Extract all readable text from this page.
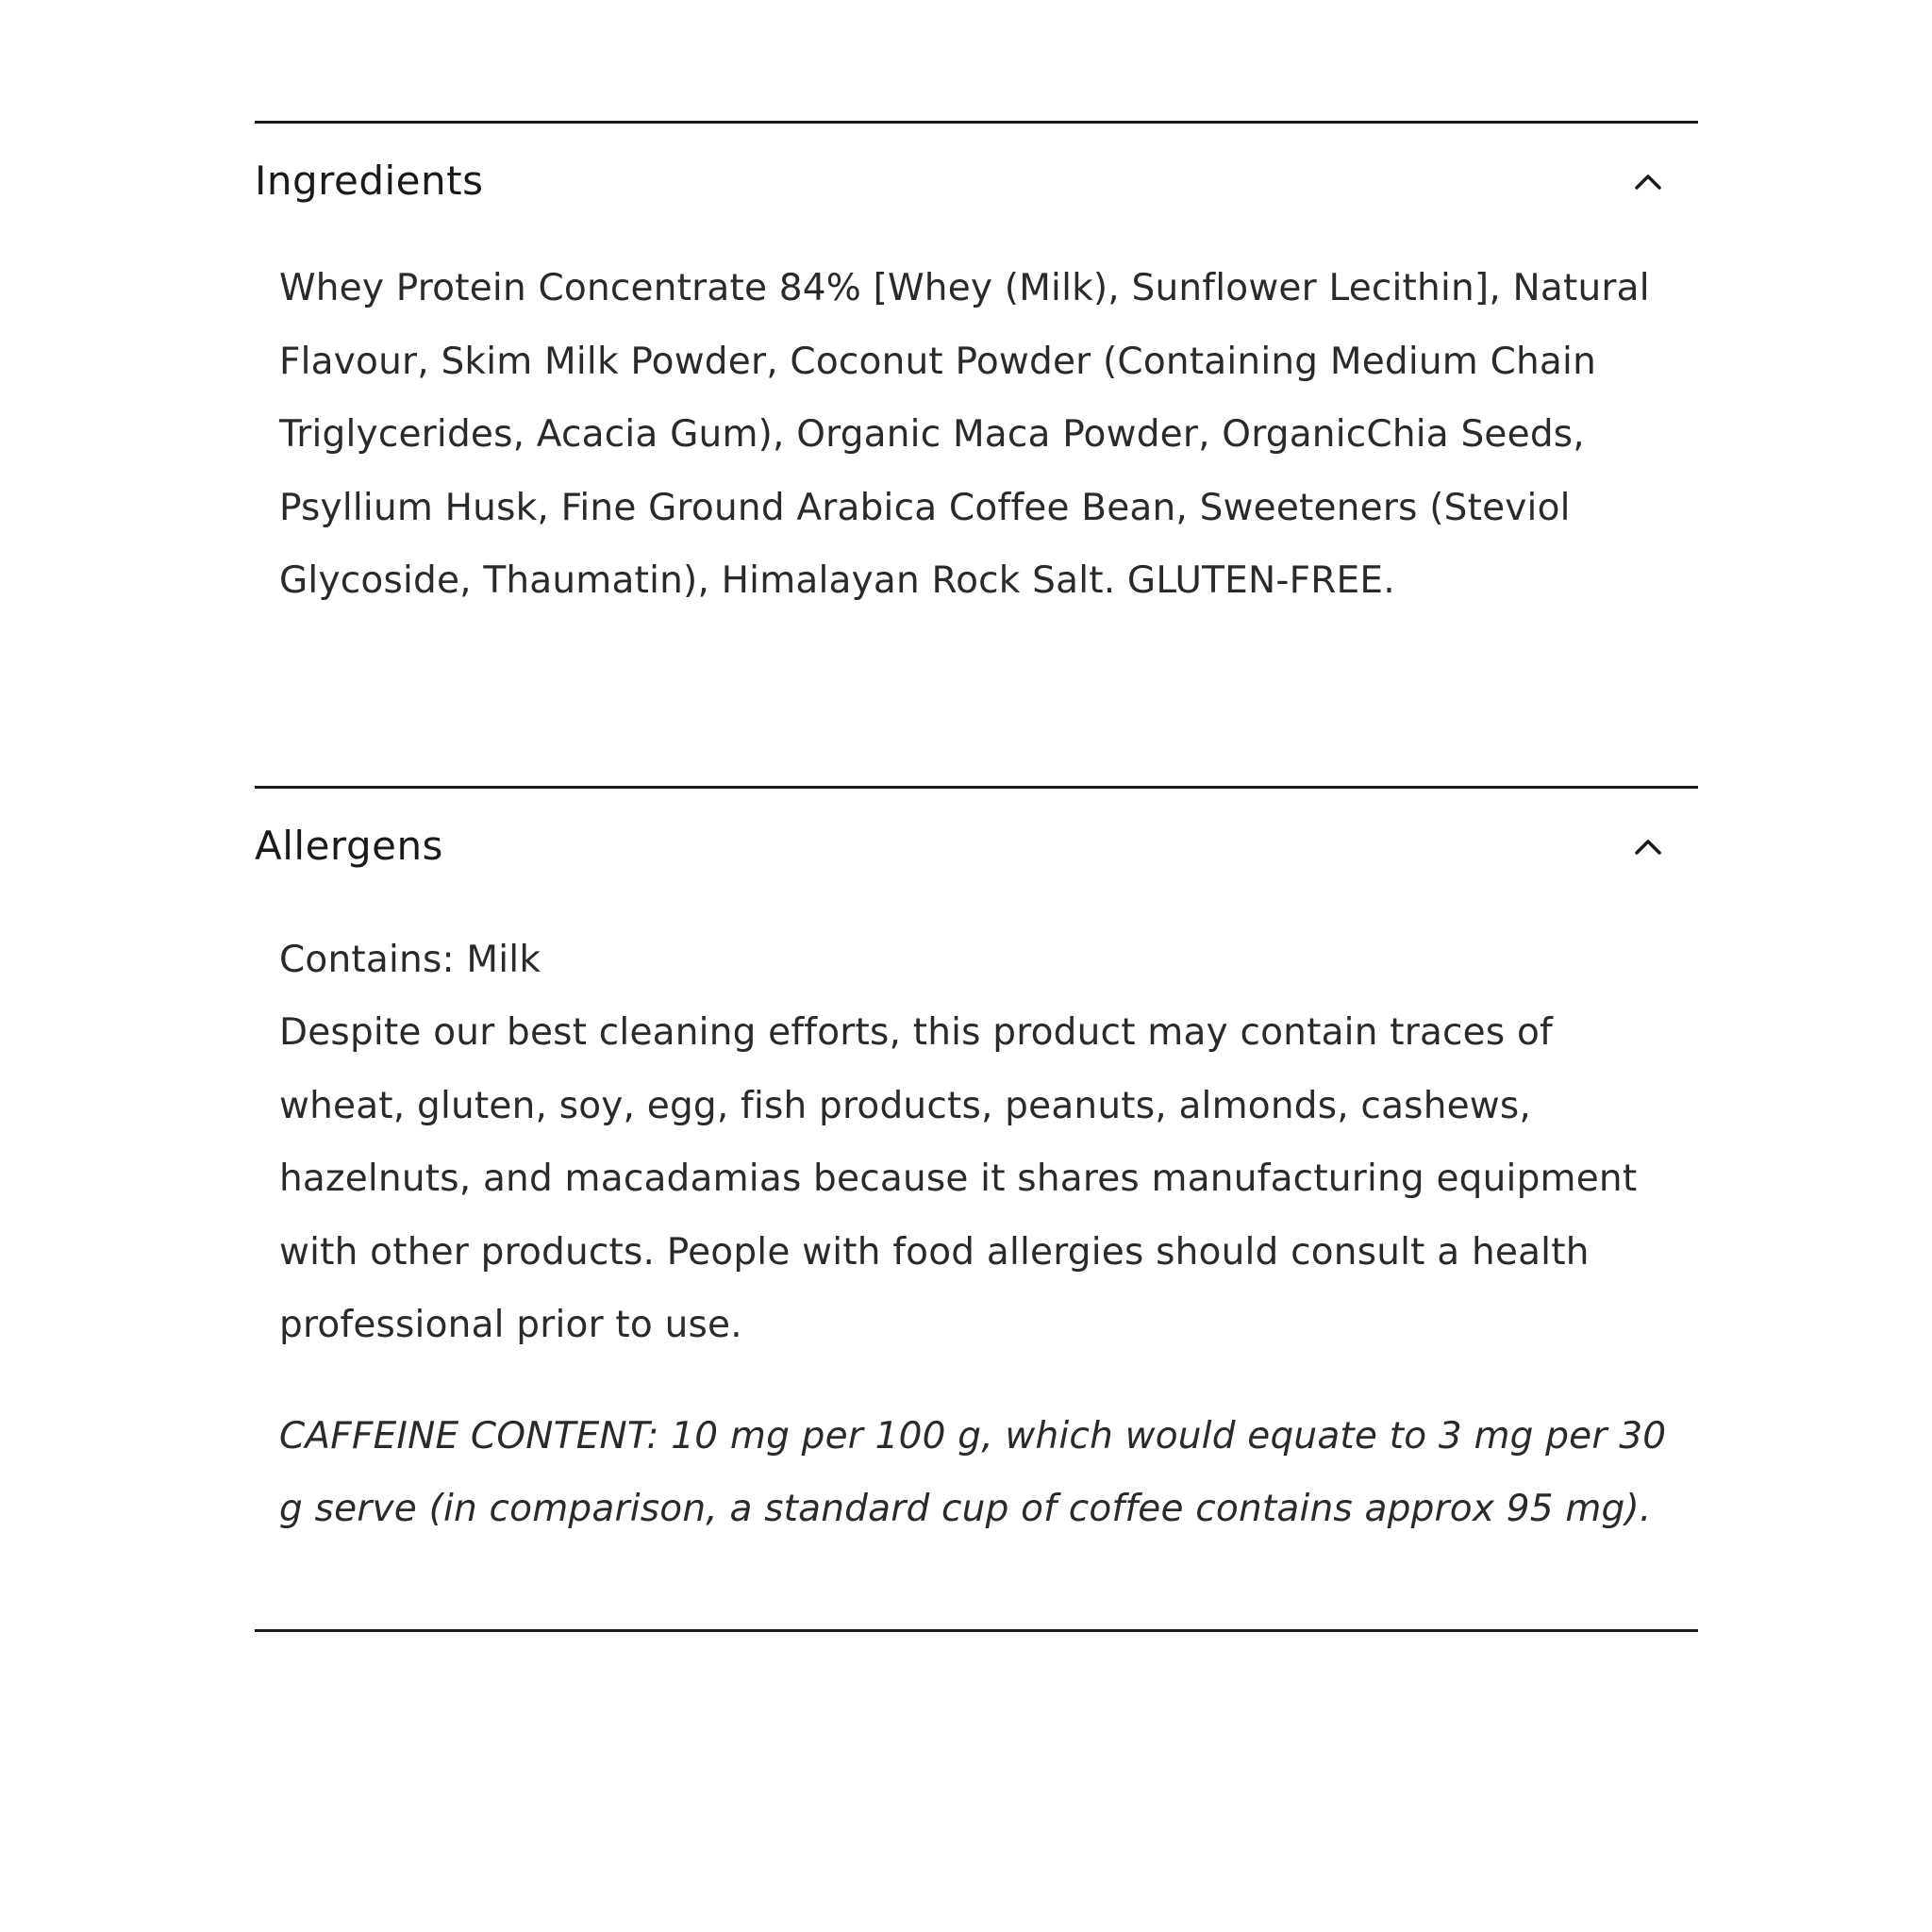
Ingredients

Whey Protein Concentrate 84% [Whey (Milk), Sunflower Lecithin], Natural Flavour, Skim Milk Powder, Coconut Powder (Containing Medium Chain Triglycerides, Acacia Gum), Organic Maca Powder, OrganicChia Seeds, Psyllium Husk, Fine Ground Arabica Coffee Bean, Sweeteners (Steviol Glycoside, Thaumatin), Himalayan Rock Salt. GLUTEN-FREE.

Allergens

Contains: Milk

Despite our best cleaning efforts, this product may contain traces of wheat, gluten, soy, egg, fish products, peanuts, almonds, cashews, hazelnuts, and macadamias because it shares manufacturing equipment with other products. People with food allergies should consult a health professional prior to use.

CAFFEINE CONTENT: 10 mg per 100 g, which would equate to 3 mg per 30 g serve (in comparison, a standard cup of coffee contains approx 95 mg).
